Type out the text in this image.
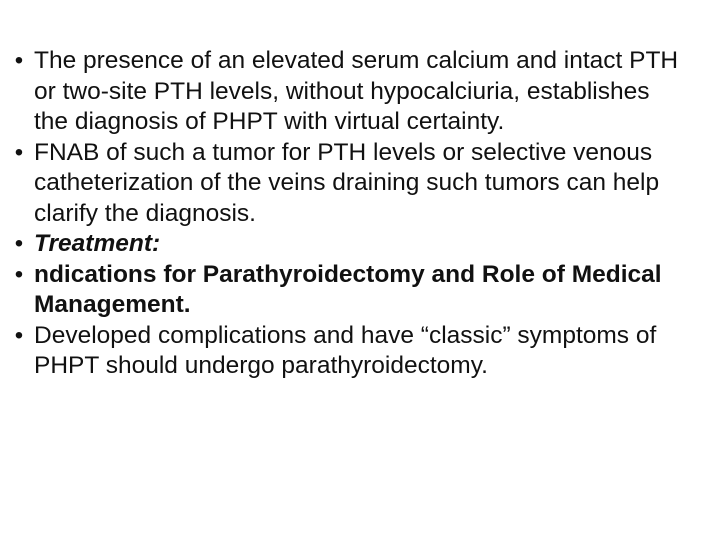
• The presence of an elevated serum calcium and intact PTH or two-site PTH levels, without hypocalciuria, establishes the diagnosis of PHPT with virtual certainty.
• FNAB of such a tumor for PTH levels or selective venous catheterization of the veins draining such tumors can help clarify the diagnosis.
• Treatment:
• ndications for Parathyroidectomy and Role of Medical Management.
• Developed complications and have “classic” symptoms of PHPT should undergo parathyroidectomy.
